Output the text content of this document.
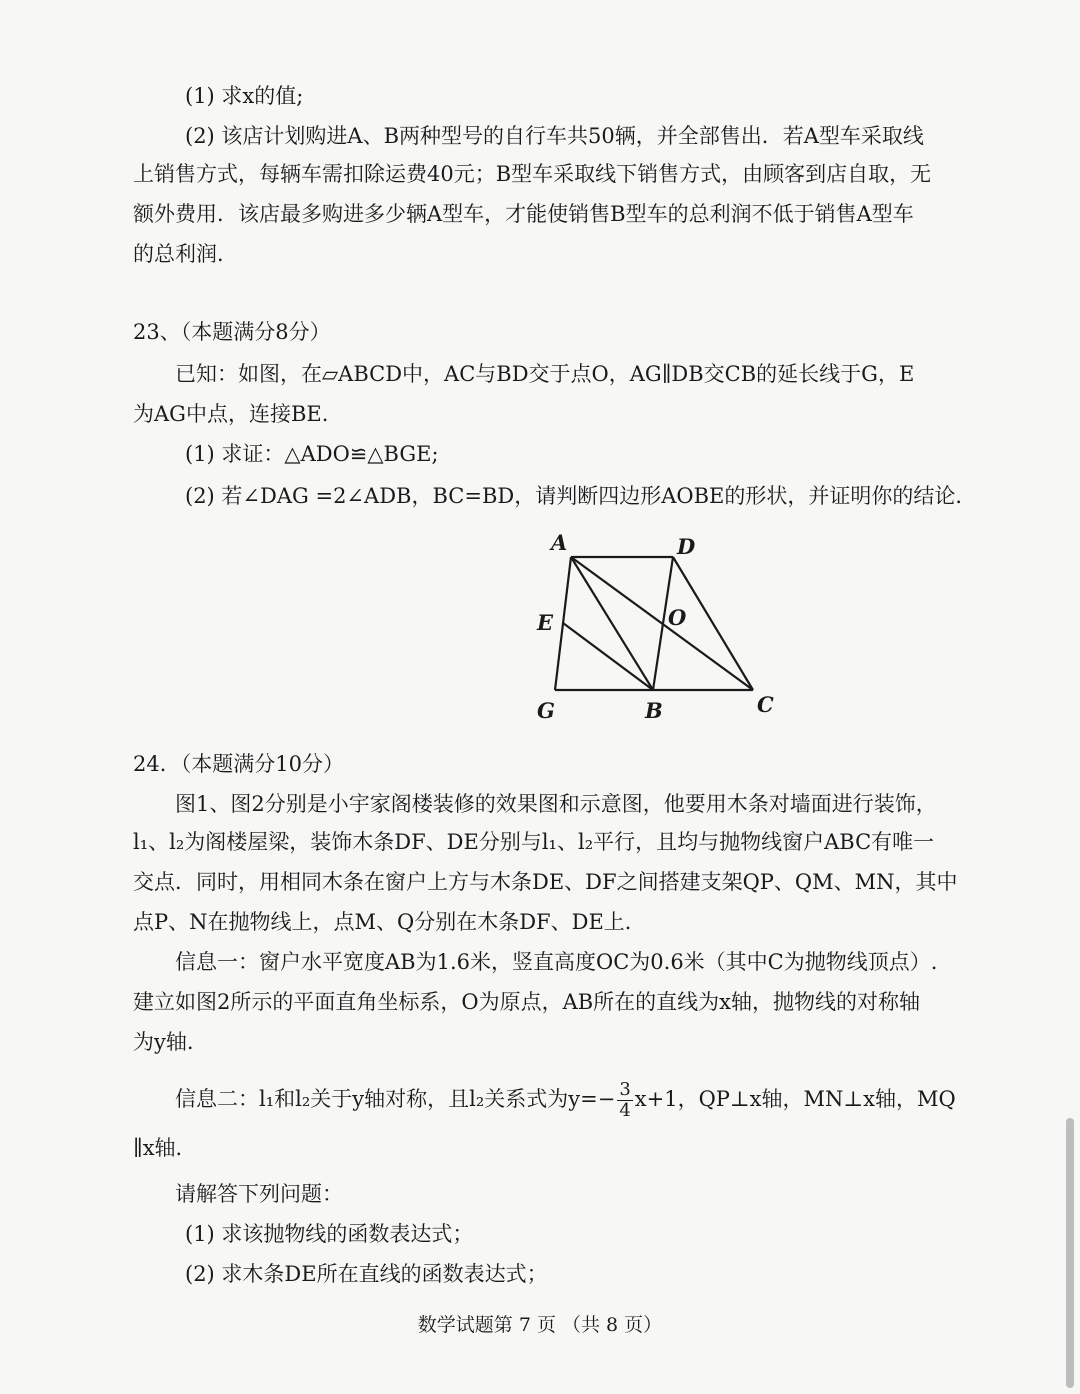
(1) 求x的值;
(2) 该店计划购进A、B两种型号的自行车共50辆，并全部售出．若A型车采取线
上销售方式，每辆车需扣除运费40元；B型车采取线下销售方式，由顾客到店自取，无
额外费用．该店最多购进多少辆A型车，才能使销售B型车的总利润不低于销售A型车
的总利润．
23、（本题满分8分）
已知：如图，在▱ABCD中，AC与BD交于点O，AG∥DB交CB的延长线于G，E
为AG中点，连接BE.
(1) 求证：△ADO≌△BGE;
(2) 若∠DAG =2∠ADB，BC=BD，请判断四边形AOBE的形状，并证明你的结论．
A	D
E	O
G	B	C
24．（本题满分10分）
图1、图2分别是小宇家阁楼装修的效果图和示意图，他要用木条对墙面进行装饰，
l₁、l₂为阁楼屋梁，装饰木条DF、DE分别与l₁、l₂平行，且均与抛物线窗户ABC有唯一
交点．同时，用相同木条在窗户上方与木条DE、DF之间搭建支架QP、QM、MN，其中
点P、N在抛物线上，点M、Q分别在木条DF、DE上．
信息一：窗户水平宽度AB为1.6米，竖直高度OC为0.6米（其中C为抛物线顶点）.
建立如图2所示的平面直角坐标系，O为原点，AB所在的直线为x轴，抛物线的对称轴
为y轴.
信息二：l₁和l₂关于y轴对称，且l₂关系式为$y=- \frac{3}{4} x+1$，QP⊥x轴，MN⊥x轴，MQ
∥x轴．
请解答下列问题：
(1) 求该抛物线的函数表达式；
(2) 求木条DE所在直线的函数表达式；
数学试题第 7 页 （共 8 页）
